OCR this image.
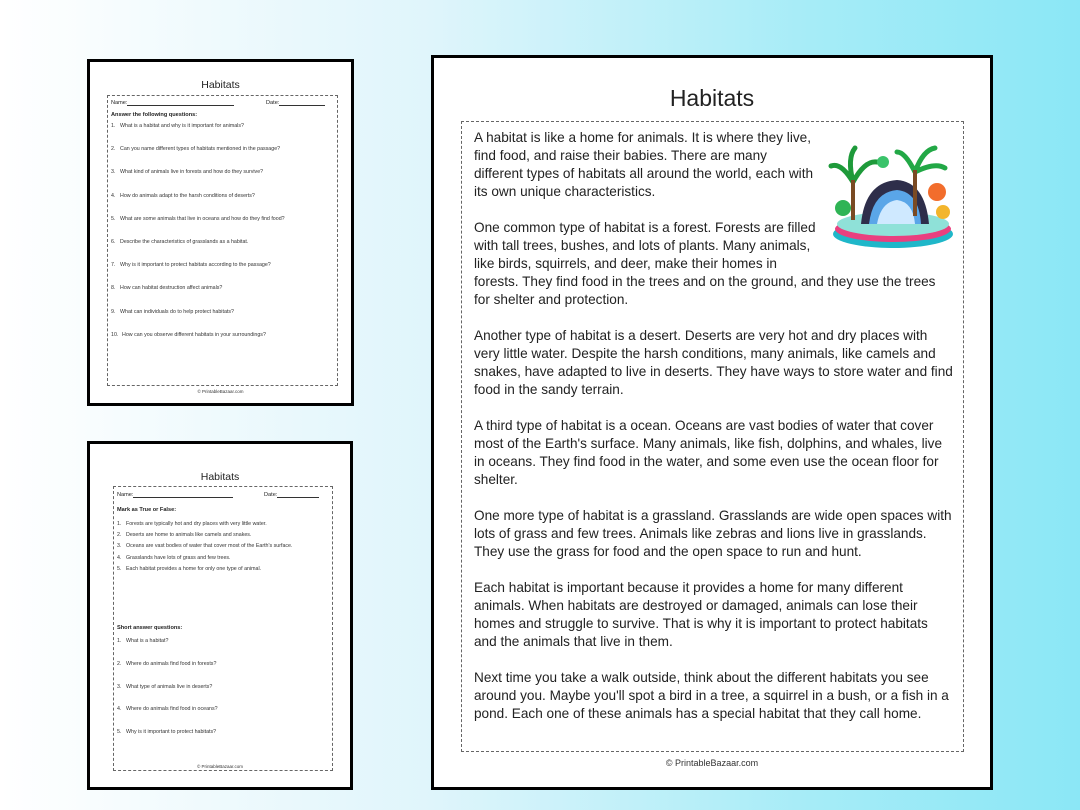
Habitats
Name:	Date:
Answer the following questions:
1. What is a habitat and why is it important for animals?
2. Can you name different types of habitats mentioned in the passage?
3. What kind of animals live in forests and how do they survive?
4. How do animals adapt to the harsh conditions of deserts?
5. What are some animals that live in oceans and how do they find food?
6. Describe the characteristics of grasslands as a habitat.
7. Why is it important to protect habitats according to the passage?
8. How can habitat destruction affect animals?
9. What can individuals do to help protect habitats?
10. How can you observe different habitats in your surroundings?
© PrintableBazaar.com
Habitats
Name:	Date:
Mark as True or False:
1. Forests are typically hot and dry places with very little water.
2. Deserts are home to animals like camels and snakes.
3. Oceans are vast bodies of water that cover most of the Earth's surface.
4. Grasslands have lots of grass and few trees.
5. Each habitat provides a home for only one type of animal.
Short answer questions:
1. What is a habitat?
2. Where do animals find food in forests?
3. What type of animals live in deserts?
4. Where do animals find food in oceans?
5. Why is it important to protect habitats?
© PrintableBazaar.com
Habitats

A habitat is like a home for animals. It is where they live, find food, and raise their babies. There are many different types of habitats all around the world, each with its own unique characteristics.

One common type of habitat is a forest. Forests are filled with tall trees, bushes, and lots of plants. Many animals, like birds, squirrels, and deer, make their homes in forests. They find food in the trees and on the ground, and they use the trees for shelter and protection.

Another type of habitat is a desert. Deserts are very hot and dry places with very little water. Despite the harsh conditions, many animals, like camels and snakes, have adapted to live in deserts. They have ways to store water and find food in the sandy terrain.

A third type of habitat is a ocean. Oceans are vast bodies of water that cover most of the Earth's surface. Many animals, like fish, dolphins, and whales, live in oceans. They find food in the water, and some even use the ocean floor for shelter.

One more type of habitat is a grassland. Grasslands are wide open spaces with lots of grass and few trees. Animals like zebras and lions live in grasslands. They use the grass for food and the open space to run and hunt.

Each habitat is important because it provides a home for many different animals. When habitats are destroyed or damaged, animals can lose their homes and struggle to survive. That is why it is important to protect habitats and the animals that live in them.

Next time you take a walk outside, think about the different habitats you see around you. Maybe you'll spot a bird in a tree, a squirrel in a bush, or a fish in a pond. Each one of these animals has a special habitat that they call home.

© PrintableBazaar.com
